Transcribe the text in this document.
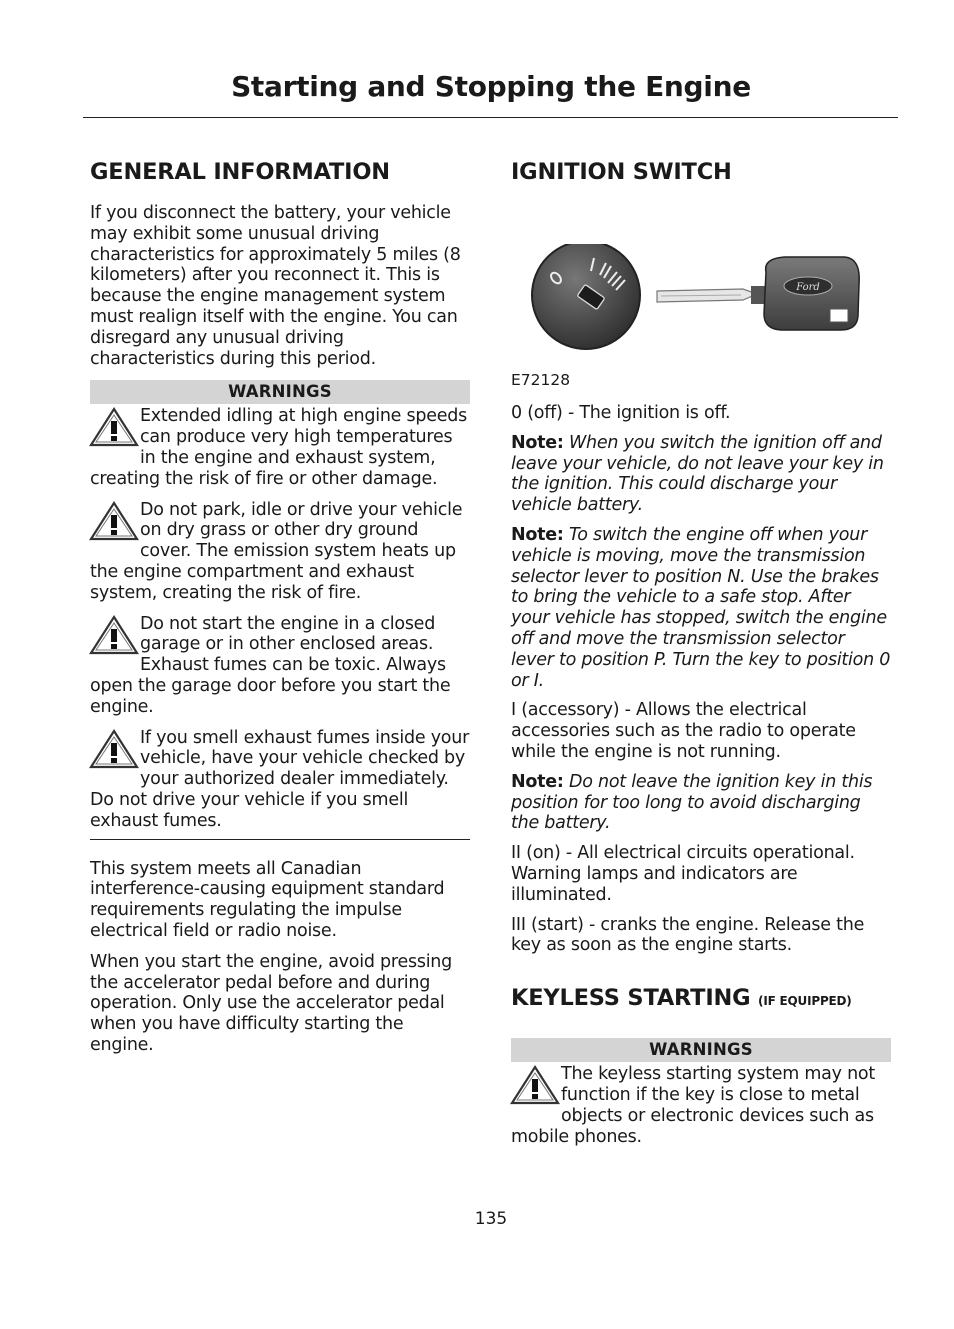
Starting and Stopping the Engine
GENERAL INFORMATION

If you disconnect the battery, your vehicle may exhibit some unusual driving characteristics for approximately 5 miles (8 kilometers) after you reconnect it. This is because the engine management system must realign itself with the engine. You can disregard any unusual driving characteristics during this period.

WARNINGS
Extended idling at high engine speeds can produce very high temperatures in the engine and exhaust system, creating the risk of fire or other damage.
Do not park, idle or drive your vehicle on dry grass or other dry ground cover. The emission system heats up the engine compartment and exhaust system, creating the risk of fire.
Do not start the engine in a closed garage or in other enclosed areas. Exhaust fumes can be toxic. Always open the garage door before you start the engine.
If you smell exhaust fumes inside your vehicle, have your vehicle checked by your authorized dealer immediately. Do not drive your vehicle if you smell exhaust fumes.

This system meets all Canadian interference-causing equipment standard requirements regulating the impulse electrical field or radio noise.

When you start the engine, avoid pressing the accelerator pedal before and during operation. Only use the accelerator pedal when you have difficulty starting the engine.

IGNITION SWITCH
Ford
E72128

0 (off) - The ignition is off.

Note: When you switch the ignition off and leave your vehicle, do not leave your key in the ignition. This could discharge your vehicle battery.

Note: To switch the engine off when your vehicle is moving, move the transmission selector lever to position N. Use the brakes to bring the vehicle to a safe stop. After your vehicle has stopped, switch the engine off and move the transmission selector lever to position P. Turn the key to position 0 or I.

I (accessory) - Allows the electrical accessories such as the radio to operate while the engine is not running.

Note: Do not leave the ignition key in this position for too long to avoid discharging the battery.

II (on) - All electrical circuits operational. Warning lamps and indicators are illuminated.

III (start) - cranks the engine. Release the key as soon as the engine starts.

KEYLESS STARTING (IF EQUIPPED)
WARNINGS
The keyless starting system may not function if the key is close to metal objects or electronic devices such as mobile phones.
135
